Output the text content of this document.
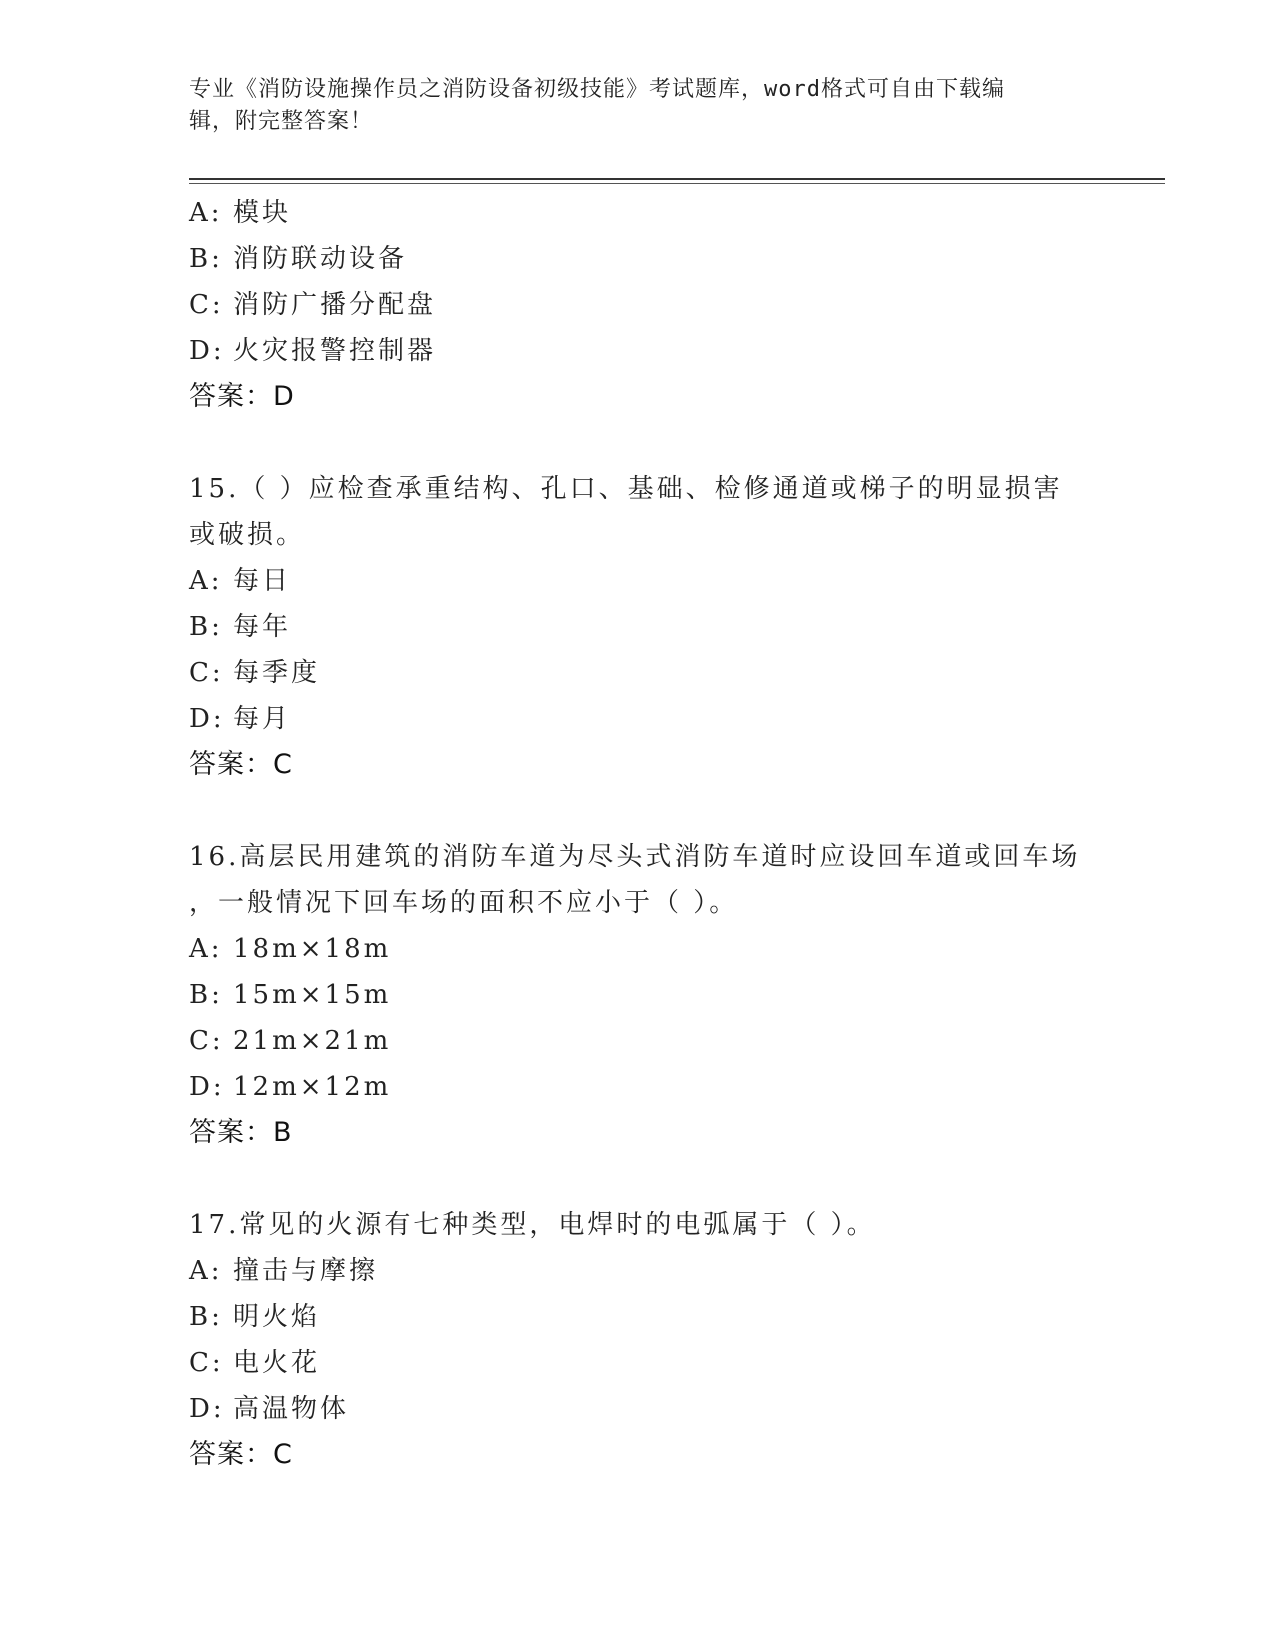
专业《消防设施操作员之消防设备初级技能》考试题库，word格式可自由下载编
辑，附完整答案！
A: 模块
B: 消防联动设备
C: 消防广播分配盘
D: 火灾报警控制器
答案：D
15.（ ）应检查承重结构、孔口、基础、检修通道或梯子的明显损害
或破损。
A: 每日
B: 每年
C: 每季度
D: 每月
答案：C
16.高层民用建筑的消防车道为尽头式消防车道时应设回车道或回车场
，一般情况下回车场的面积不应小于（ ）。
A: 18m×18m
B: 15m×15m
C: 21m×21m
D: 12m×12m
答案：B
17.常见的火源有七种类型，电焊时的电弧属于（ ）。
A: 撞击与摩擦
B: 明火焰
C: 电火花
D: 高温物体
答案：C
